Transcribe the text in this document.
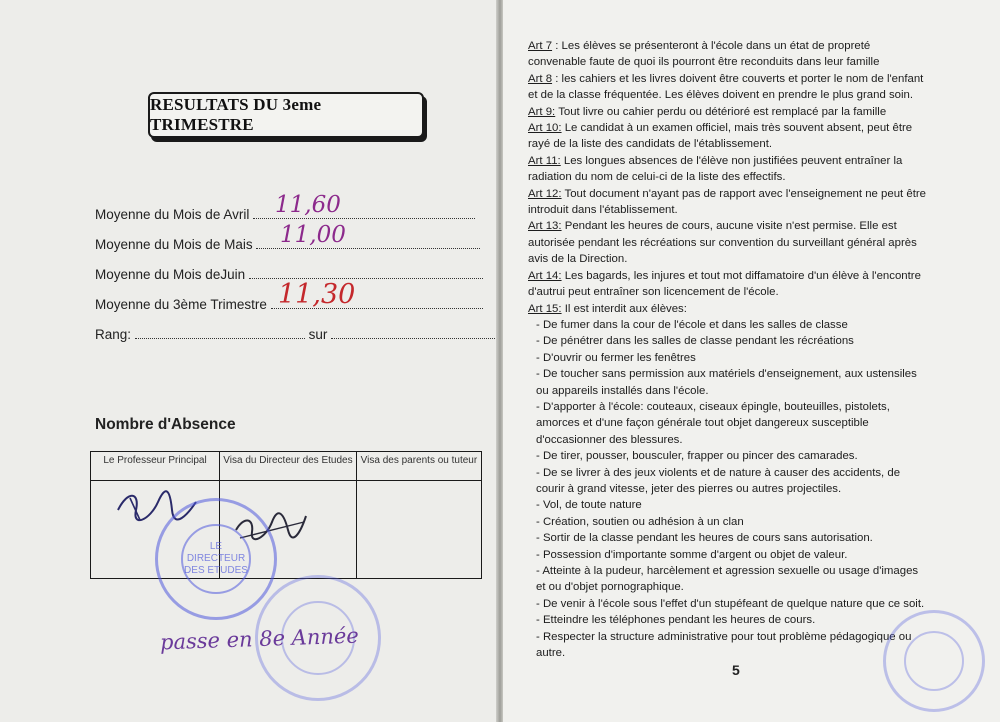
RESULTATS DU 3eme TRIMESTRE
Moyenne du Mois de Avril	11,60
Moyenne du Mois de Mais	11,00
Moyenne du Mois deJuin
Moyenne du 3ème Trimestre 11,30
Rang:	sur
Nombre d'Absence
Le Professeur Principal	Visa du Directeur des Etudes	Visa des parents ou tuteur

LE DIRECTEUR DES ETUDES
passe en 8e Année

Art 7 : Les élèves se présenteront à l'école dans un état de propreté convenable faute de quoi ils pourront être reconduits dans leur famille

Art 8 : les cahiers et les livres doivent être couverts et porter le nom de l'enfant et de la classe fréquentée. Les élèves doivent en prendre le plus grand soin.

Art 9: Tout livre ou cahier perdu ou détérioré est remplacé par la famille

Art 10: Le candidat à un examen officiel, mais très souvent absent, peut être rayé de la liste des candidats de l'établissement.

Art 11: Les longues absences de l'élève non justifiées peuvent entraîner la radiation du nom de celui-ci de la liste des effectifs.

Art 12: Tout document n'ayant pas de rapport avec l'enseignement ne peut être introduit dans l'établissement.

Art 13: Pendant les heures de cours, aucune visite n'est permise. Elle est autorisée pendant les récréations sur convention du surveillant général après avis de la Direction.

Art 14: Les bagards, les injures et tout mot diffamatoire d'un élève à l'encontre d'autrui peut entraîner son licencement de l'école.

Art 15: Il est interdit aux élèves:

- De fumer dans la cour de l'école et dans les salles de classe

- De pénétrer dans les salles de classe pendant les récréations

- D'ouvrir ou fermer les fenêtres

- De toucher sans permission aux matériels d'enseignement, aux ustensiles ou appareils installés dans l'école.

- D'apporter à l'école: couteaux, ciseaux épingle, bouteuilles, pistolets, amorces et d'une façon générale tout objet dangereux susceptible d'occasionner des blessures.

- De tirer, pousser, bousculer, frapper ou pincer des camarades.

- De se livrer à des jeux violents et de nature à causer des accidents, de courir à grand vitesse, jeter des pierres ou autres projectiles.

- Vol, de toute nature

- Création, soutien ou adhésion à un clan

- Sortir de la classe pendant les heures de cours sans autorisation.

- Possession d'importante somme d'argent ou objet de valeur.

- Atteinte à la pudeur, harcèlement et agression sexuelle ou usage d'images et ou d'objet pornographique.

- De venir à l'école sous l'effet d'un stupéfeant de quelque nature que ce soit.

- Etteindre les téléphones pendant les heures de cours.

- Respecter la structure administrative pour tout problème pédagogique ou autre.

5
